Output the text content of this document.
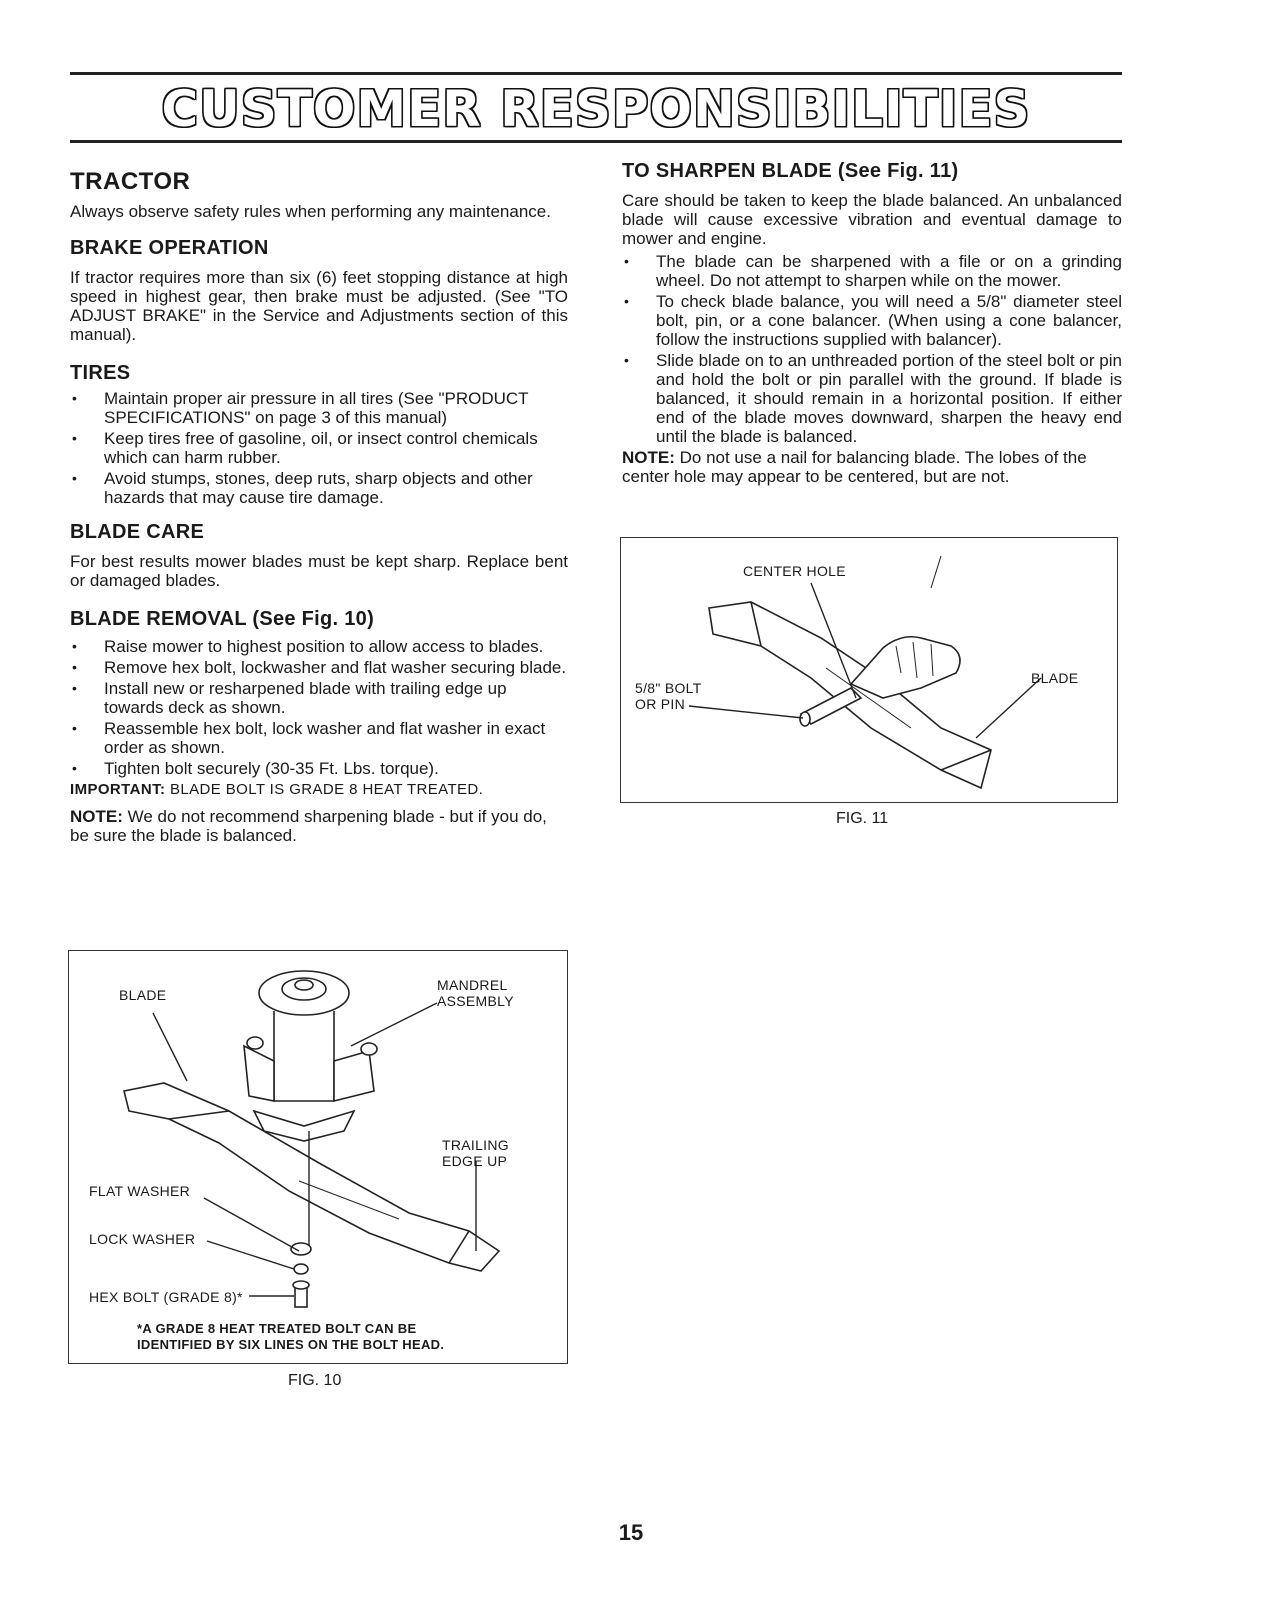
CUSTOMER RESPONSIBILITIES
TRACTOR

Always observe safety rules when performing any maintenance.

BRAKE OPERATION

If tractor requires more than six (6) feet stopping distance at high speed in highest gear, then brake must be adjusted. (See "TO ADJUST BRAKE" in the Service and Adjustments section of this manual).

TIRES
• Maintain proper air pressure in all tires (See "PRODUCT SPECIFICATIONS" on page 3 of this manual)
• Keep tires free of gasoline, oil, or insect control chemicals which can harm rubber.
• Avoid stumps, stones, deep ruts, sharp objects and other hazards that may cause tire damage.
BLADE CARE

For best results mower blades must be kept sharp. Replace bent or damaged blades.

BLADE REMOVAL (See Fig. 10)
• Raise mower to highest position to allow access to blades.
• Remove hex bolt, lockwasher and flat washer securing blade.
• Install new or resharpened blade with trailing edge up towards deck as shown.
• Reassemble hex bolt, lock washer and flat washer in exact order as shown.
• Tighten bolt securely (30-35 Ft. Lbs. torque).

IMPORTANT: BLADE BOLT IS GRADE 8 HEAT TREATED.

NOTE: We do not recommend sharpening blade - but if you do, be sure the blade is balanced.

BLADE
MANDREL
ASSEMBLY
TRAILING
EDGE UP
FLAT WASHER
LOCK WASHER
HEX BOLT (GRADE 8)*
*A GRADE 8 HEAT TREATED BOLT CAN BE
IDENTIFIED BY SIX LINES ON THE BOLT HEAD.
FIG. 10
TO SHARPEN BLADE (See Fig. 11)

Care should be taken to keep the blade balanced. An unbalanced blade will cause excessive vibration and eventual damage to mower and engine.

• The blade can be sharpened with a file or on a grinding wheel. Do not attempt to sharpen while on the mower.
• To check blade balance, you will need a 5/8" diameter steel bolt, pin, or a cone balancer. (When using a cone balancer, follow the instructions supplied with balancer).
• Slide blade on to an unthreaded portion of the steel bolt or pin and hold the bolt or pin parallel with the ground. If blade is balanced, it should remain in a horizontal position. If either end of the blade moves downward, sharpen the heavy end until the blade is balanced.

NOTE: Do not use a nail for balancing blade. The lobes of the center hole may appear to be centered, but are not.

CENTER HOLE
5/8" BOLT
OR PIN
BLADE
FIG. 11
15
